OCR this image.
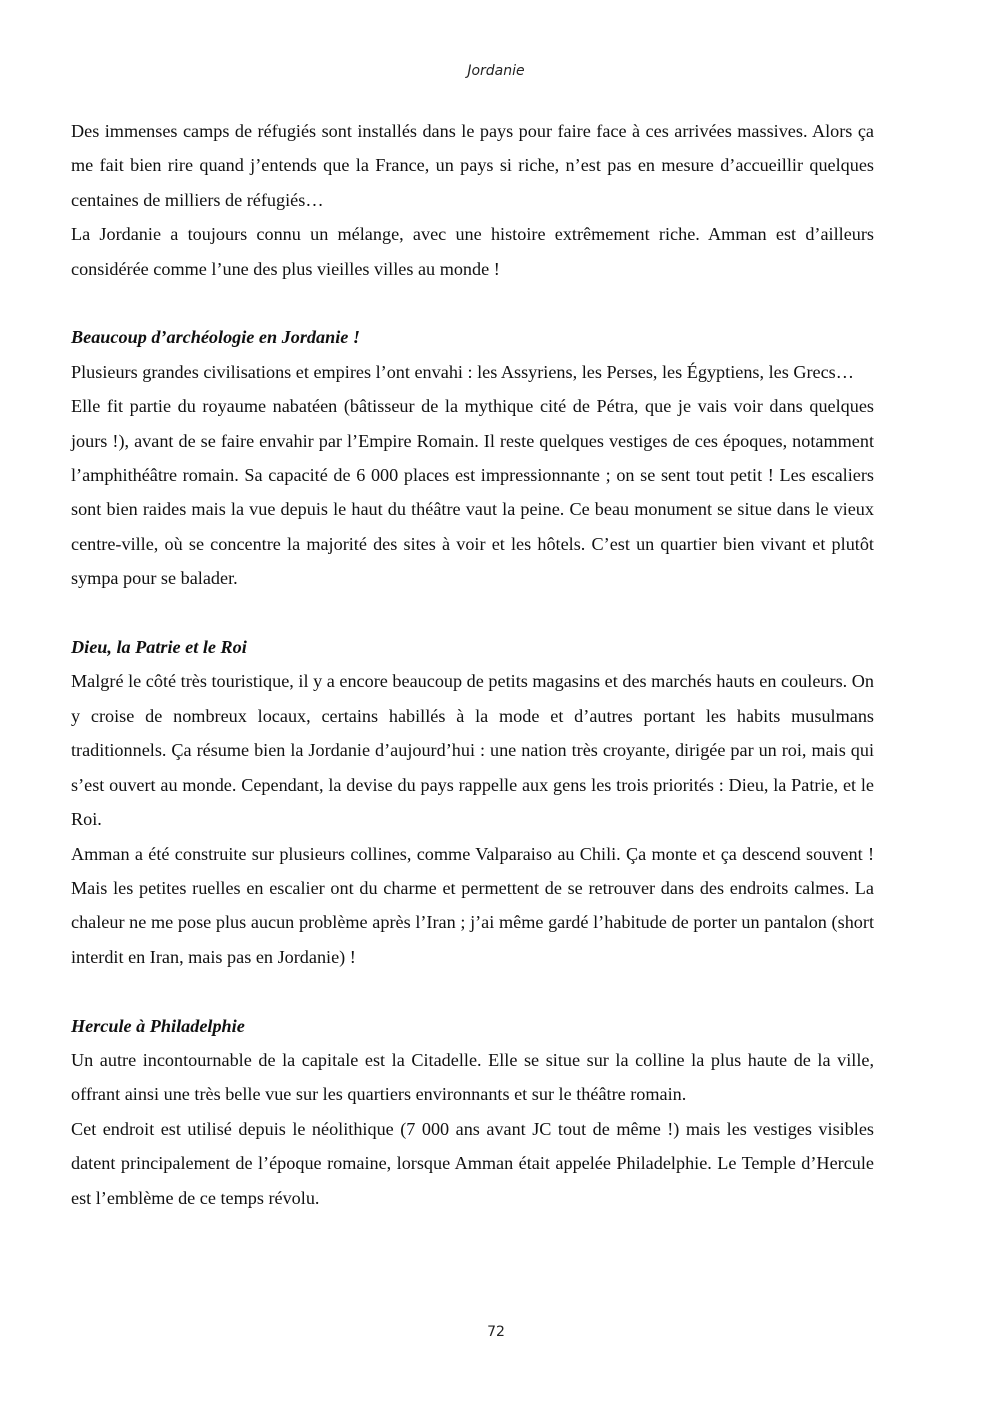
Jordanie

Des immenses camps de réfugiés sont installés dans le pays pour faire face à ces arrivées massives. Alors ça me fait bien rire quand j’entends que la France, un pays si riche, n’est pas en mesure d’accueillir quelques centaines de milliers de réfugiés…

La Jordanie a toujours connu un mélange, avec une histoire extrêmement riche. Amman est d’ailleurs considérée comme l’une des plus vieilles villes au monde !

Beaucoup d’archéologie en Jordanie !

Plusieurs grandes civilisations et empires l’ont envahi : les Assyriens, les Perses, les Égyptiens, les Grecs…

Elle fit partie du royaume nabatéen (bâtisseur de la mythique cité de Pétra, que je vais voir dans quelques jours !), avant de se faire envahir par l’Empire Romain. Il reste quelques vestiges de ces époques, notamment l’amphithéâtre romain. Sa capacité de 6 000 places est impressionnante ; on se sent tout petit ! Les escaliers sont bien raides mais la vue depuis le haut du théâtre vaut la peine. Ce beau monument se situe dans le vieux centre-ville, où se concentre la majorité des sites à voir et les hôtels. C’est un quartier bien vivant et plutôt sympa pour se balader.

Dieu, la Patrie et le Roi

Malgré le côté très touristique, il y a encore beaucoup de petits magasins et des marchés hauts en couleurs. On y croise de nombreux locaux, certains habillés à la mode et d’autres portant les habits musulmans traditionnels. Ça résume bien la Jordanie d’aujourd’hui : une nation très croyante, dirigée par un roi, mais qui s’est ouvert au monde. Cependant, la devise du pays rappelle aux gens les trois priorités : Dieu, la Patrie, et le Roi.

Amman a été construite sur plusieurs collines, comme Valparaiso au Chili. Ça monte et ça descend souvent ! Mais les petites ruelles en escalier ont du charme et permettent de se retrouver dans des endroits calmes. La chaleur ne me pose plus aucun problème après l’Iran ; j’ai même gardé l’habitude de porter un pantalon (short interdit en Iran, mais pas en Jordanie) !

Hercule à Philadelphie

Un autre incontournable de la capitale est la Citadelle. Elle se situe sur la colline la plus haute de la ville, offrant ainsi une très belle vue sur les quartiers environnants et sur le théâtre romain.

Cet endroit est utilisé depuis le néolithique (7 000 ans avant JC tout de même !) mais les vestiges visibles datent principalement de l’époque romaine, lorsque Amman était appelée Philadelphie. Le Temple d’Hercule est l’emblème de ce temps révolu.

72
